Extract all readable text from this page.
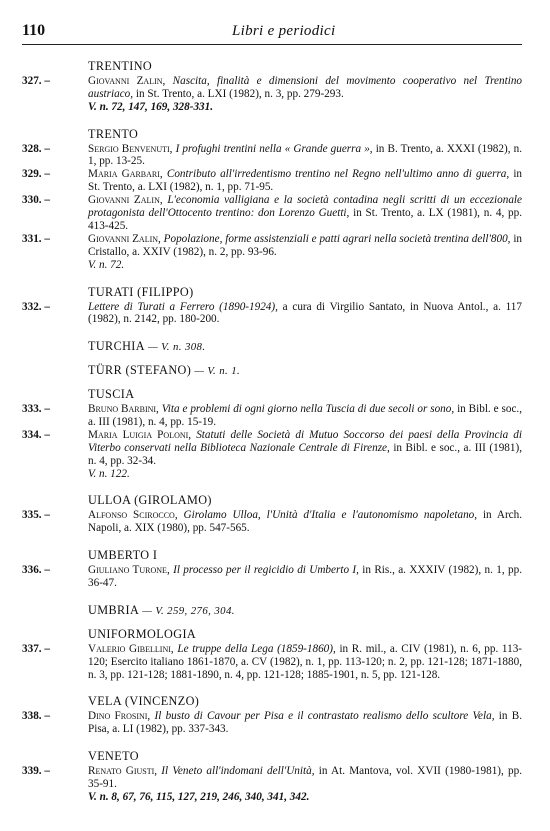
110	Libri e periodici
TRENTINO
327. –	Giovanni Zalin, Nascita, finalità e dimensioni del movimento cooperativo nel Trentino austriaco, in St. Trento, a. LXI (1982), n. 3, pp. 279-293.
V. n. 72, 147, 169, 328-331.
TRENTO
328. –	Sergio Benvenuti, I profughi trentini nella « Grande guerra », in B. Trento, a. XXXI (1982), n. 1, pp. 13-25.
329. –	Maria Garbari, Contributo all'irredentismo trentino nel Regno nell'ultimo anno di guerra, in St. Trento, a. LXI (1982), n. 1, pp. 71-95.
330. –	Giovanni Zalin, L'economia valligiana e la società contadina negli scritti di un eccezionale protagonista dell'Ottocento trentino: don Lorenzo Guetti, in St. Trento, a. LX (1981), n. 4, pp. 413-425.
331. –	Giovanni Zalin, Popolazione, forme assistenziali e patti agrari nella società trentina dell'800, in Cristallo, a. XXIV (1982), n. 2, pp. 93-96.
V. n. 72.
TURATI (FILIPPO)
332. –	Lettere di Turati a Ferrero (1890-1924), a cura di Virgilio Santato, in Nuova Antol., a. 117 (1982), n. 2142, pp. 180-200.
TURCHIA — V. n. 308.
TÜRR (STEFANO) — V. n. 1.
TUSCIA
333. –	Bruno Barbini, Vita e problemi di ogni giorno nella Tuscia di due secoli or sono, in Bibl. e soc., a. III (1981), n. 4, pp. 15-19.
334. –	Maria Luigia Poloni, Statuti delle Società di Mutuo Soccorso dei paesi della Provincia di Viterbo conservati nella Biblioteca Nazionale Centrale di Firenze, in Bibl. e soc., a. III (1981), n. 4, pp. 32-34.
V. n. 122.
ULLOA (GIROLAMO)
335. –	Alfonso Scirocco, Girolamo Ulloa, l'Unità d'Italia e l'autonomismo napoletano, in Arch. Napoli, a. XIX (1980), pp. 547-565.
UMBERTO I
336. –	Giuliano Turone, Il processo per il regicidio di Umberto I, in Ris., a. XXXIV (1982), n. 1, pp. 36-47.
UMBRIA — V. 259, 276, 304.
UNIFORMOLOGIA
337. –	Valerio Gibellini, Le truppe della Lega (1859-1860), in R. mil., a. CIV (1981), n. 6, pp. 113-120; Esercito italiano 1861-1870, a. CV (1982), n. 1, pp. 113-120; n. 2, pp. 121-128; 1871-1880, n. 3, pp. 121-128; 1881-1890, n. 4, pp. 121-128; 1885-1901, n. 5, pp. 121-128.
VELA (VINCENZO)
338. –	Dino Frosini, Il busto di Cavour per Pisa e il contrastato realismo dello scultore Vela, in B. Pisa, a. LI (1982), pp. 337-343.
VENETO
339. –	Renato Giusti, Il Veneto all'indomani dell'Unità, in At. Mantova, vol. XVII (1980-1981), pp. 35-91.
V. n. 8, 67, 76, 115, 127, 219, 246, 340, 341, 342.
